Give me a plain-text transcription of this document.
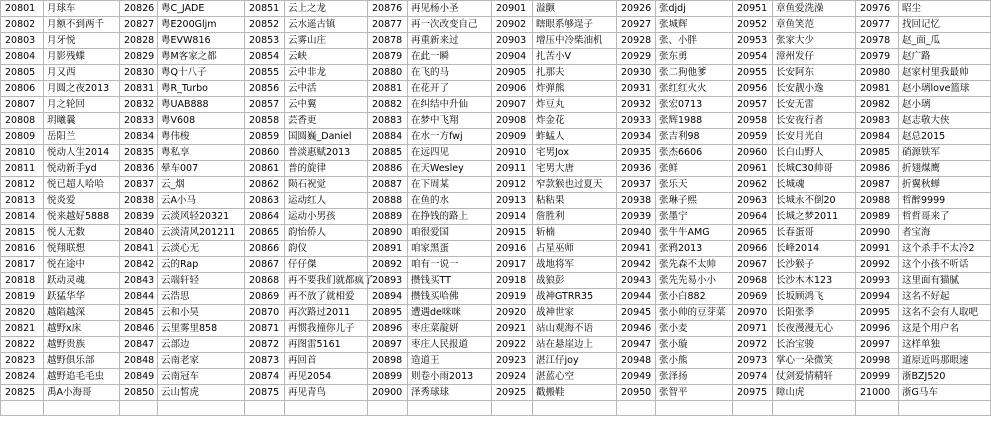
20801	月球车	20826	粤C_JADE	20851	云上之龙	20876	再见杨小圣	20901	溢颤	20926	张djdj	20951	章鱼爱洗澡	20976	昭尘
20802	月额不到两千	20827	粤E200Gljm	20852	云水遥古镇	20877	再一次改变自己	20902	瞎眼系够逞子	20927	张城辉	20952	章鱼笑范	20977	找回记忆
20803	月牙悦	20828	粤EVW816	20853	云雾山庄	20878	再重新来过	20903	增压中冷柴油机	20928	张、小胖	20953	张家大少	20978	赵_面_瓜
20804	月影残蝶	20829	粤M客家之都	20854	云峡	20879	在此一瞬	20904	扎苦小V	20929	张东勇	20954	漳州发仔	20979	赵广路
20805	月又西	20830	粤Q十八子	20855	云中非龙	20880	在飞的马	20905	扎那夫	20930	张二狗他爹	20955	长安阿东	20980	赵家村里我最帅
20806	月圆之夜2013	20831	粤R_Turbo	20856	云中活	20881	在花开了	20906	炸弹熊	20931	张红红火火	20956	长安靓小逸	20981	赵小璃love篮球
20807	月之轮回	20832	粤UAB888	20857	云中翼	20882	在纠结中升仙	20907	炸豆丸	20932	张宏0713	20957	长安无雷	20982	赵小璃
20808	玥曦曩	20833	粤V608	20858	芸香更	20883	在梦中飞翔	20908	炸金花	20933	张辉1988	20958	长安夜行者	20983	赵志敬大侠
20809	岳阳兰	20834	粤伟梭	20859	国圆巍_Daniel	20884	在水一方fwj	20909	蚱蜢人	20934	张吉利98	20959	长安月光自	20984	赵总2015
20810	悦动人生2014	20835	粤私享	20860	普淡惠赋2013	20885	在远四见	20910	宅男Jox	20935	张杰6606	20960	长白山野人	20985	硝源铁军
20811	悦动新手yd	20836	晕车007	20861	普的旋律	20886	在天Wesley	20911	宅男大唐	20936	张鲜	20961	长城C30帅哥	20986	折翅煤鹰
20812	悦已超人哈哈	20837	云_烟	20862	陨石祝觉	20887	在下周某	20912	窄款猴也过夏天	20937	张乐天	20962	长城魂	20987	折翼秋蝉
20813	悦炎爱	20838	云A小马	20863	运动红人	20888	在鱼的水	20913	粘粘果	20938	张琳子熙	20963	长城永不倒20	20988	哲醉9999
20814	悦来越好5888	20839	云淡风轻20321	20864	运动小男孩	20889	在挣钱的路上	20914	詹胜利	20939	张墨宁	20964	长城之梦2011	20989	哲哲哥来了
20815	悦人无数	20840	云淡清风201211	20865	韵怡侨人	20890	咱很爱国	20915	斩楠	20940	张牛牛AMG	20965	长春蛋哥	20990	者宝海
20816	悦翔联想	20841	云淡心无	20866	韵仪	20891	咱家黑蛋	20916	占星巫师	20941	张鸦2013	20966	长峰2014	20991	这个杀手不太冷2
20817	悦在途中	20842	云的Rap	20867	仔仔傑	20892	咱有一说一	20917	战地将军	20942	张先森不太帅	20967	长沙猴子	20992	这个小孩不听话
20818	跃动灵魂	20843	云端轩轻	20868	再不要我们就都疯了	20893	攒钱买TT	20918	战狼彭	20943	张先先易小小	20968	长沙木木123	20993	这里面有猫腻
20819	跃猛华华	20844	云浩思	20869	再不放了就相爱	20894	攒钱买哈佛	20919	战神GTRR35	20944	张小白882	20969	长坂顾鸿飞	20994	这名不好起
20820	越陷越深	20845	云和小昊	20870	再次路过2011	20895	遭遇de咪咪	20920	战神世家	20945	张小帅的豆芽菜	20970	长阳张季	20995	这名不会有人取吧
20821	越野x床	20846	云里雾里858	20871	再惯我撞你儿子	20896	枣庄菜靛妍	20921	站山观海不语	20946	张小麦	20971	长夜漫漫无心	20996	这是个用户名
20822	越野贵族	20847	云部边	20872	再图雷5161	20897	枣庄人民报道	20922	站在悬崖边上	20947	张小璇	20972	长治宝骏	20997	这样单独
20823	越野俱乐部	20848	云南老家	20873	再回首	20898	造道王	20923	湛江仔joy	20948	张小熊	20973	掌心一朵微笑	20998	道原近吗那眼速
20824	越野追毛毛虫	20849	云南冠车	20874	再见2054	20899	则卷小雨2013	20924	湛蓝心空	20949	张泽扬	20974	仗剑爱情精轩	20999	浙BZJ520
20825	禹A小海哥	20850	云山皙虎	20875	再见青鸟	20900	泽秀球球	20925	戳搬鞋	20950	张智平	20975	障山虎	21000	浙G马车
